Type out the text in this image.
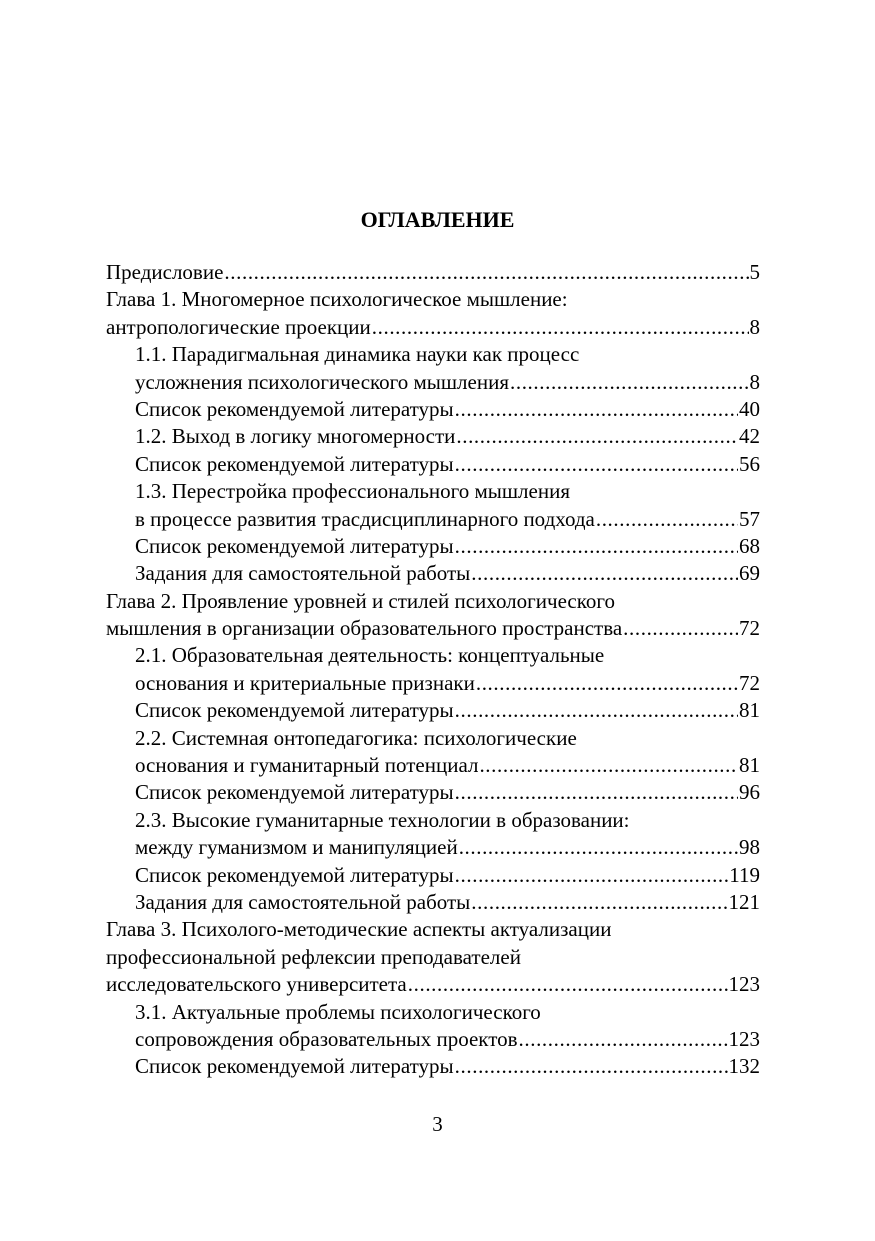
ОГЛАВЛЕНИЕ
Предисловие .....	5
Глава 1. Многомерное психологическое мышление:
антропологические проекции .....	8
1.1. Парадигмальная динамика науки как процесс
усложнения психологического мышления .....	8
Список рекомендуемой литературы .....	40
1.2. Выход в логику многомерности .....	42
Список рекомендуемой литературы .....	56
1.3. Перестройка профессионального мышления
в процессе развития трасдисциплинарного подхода .....	57
Список рекомендуемой литературы .....	68
Задания для самостоятельной работы .....	69
Глава 2. Проявление уровней и стилей психологического
мышления в организации образовательного пространства .....	72
2.1. Образовательная деятельность: концептуальные
основания и критериальные признаки .....	72
Список рекомендуемой литературы .....	81
2.2. Системная онтопедагогика: психологические
основания и гуманитарный потенциал .....	81
Список рекомендуемой литературы .....	96
2.3. Высокие гуманитарные технологии в образовании:
между гуманизмом и манипуляцией .....	98
Список рекомендуемой литературы .....	119
Задания для самостоятельной работы .....	121
Глава 3. Психолого-методические аспекты актуализации
профессиональной рефлексии преподавателей
исследовательского университета .....	123
3.1. Актуальные проблемы психологического
сопровождения образовательных проектов .....	123
Список рекомендуемой литературы .....	132
3
